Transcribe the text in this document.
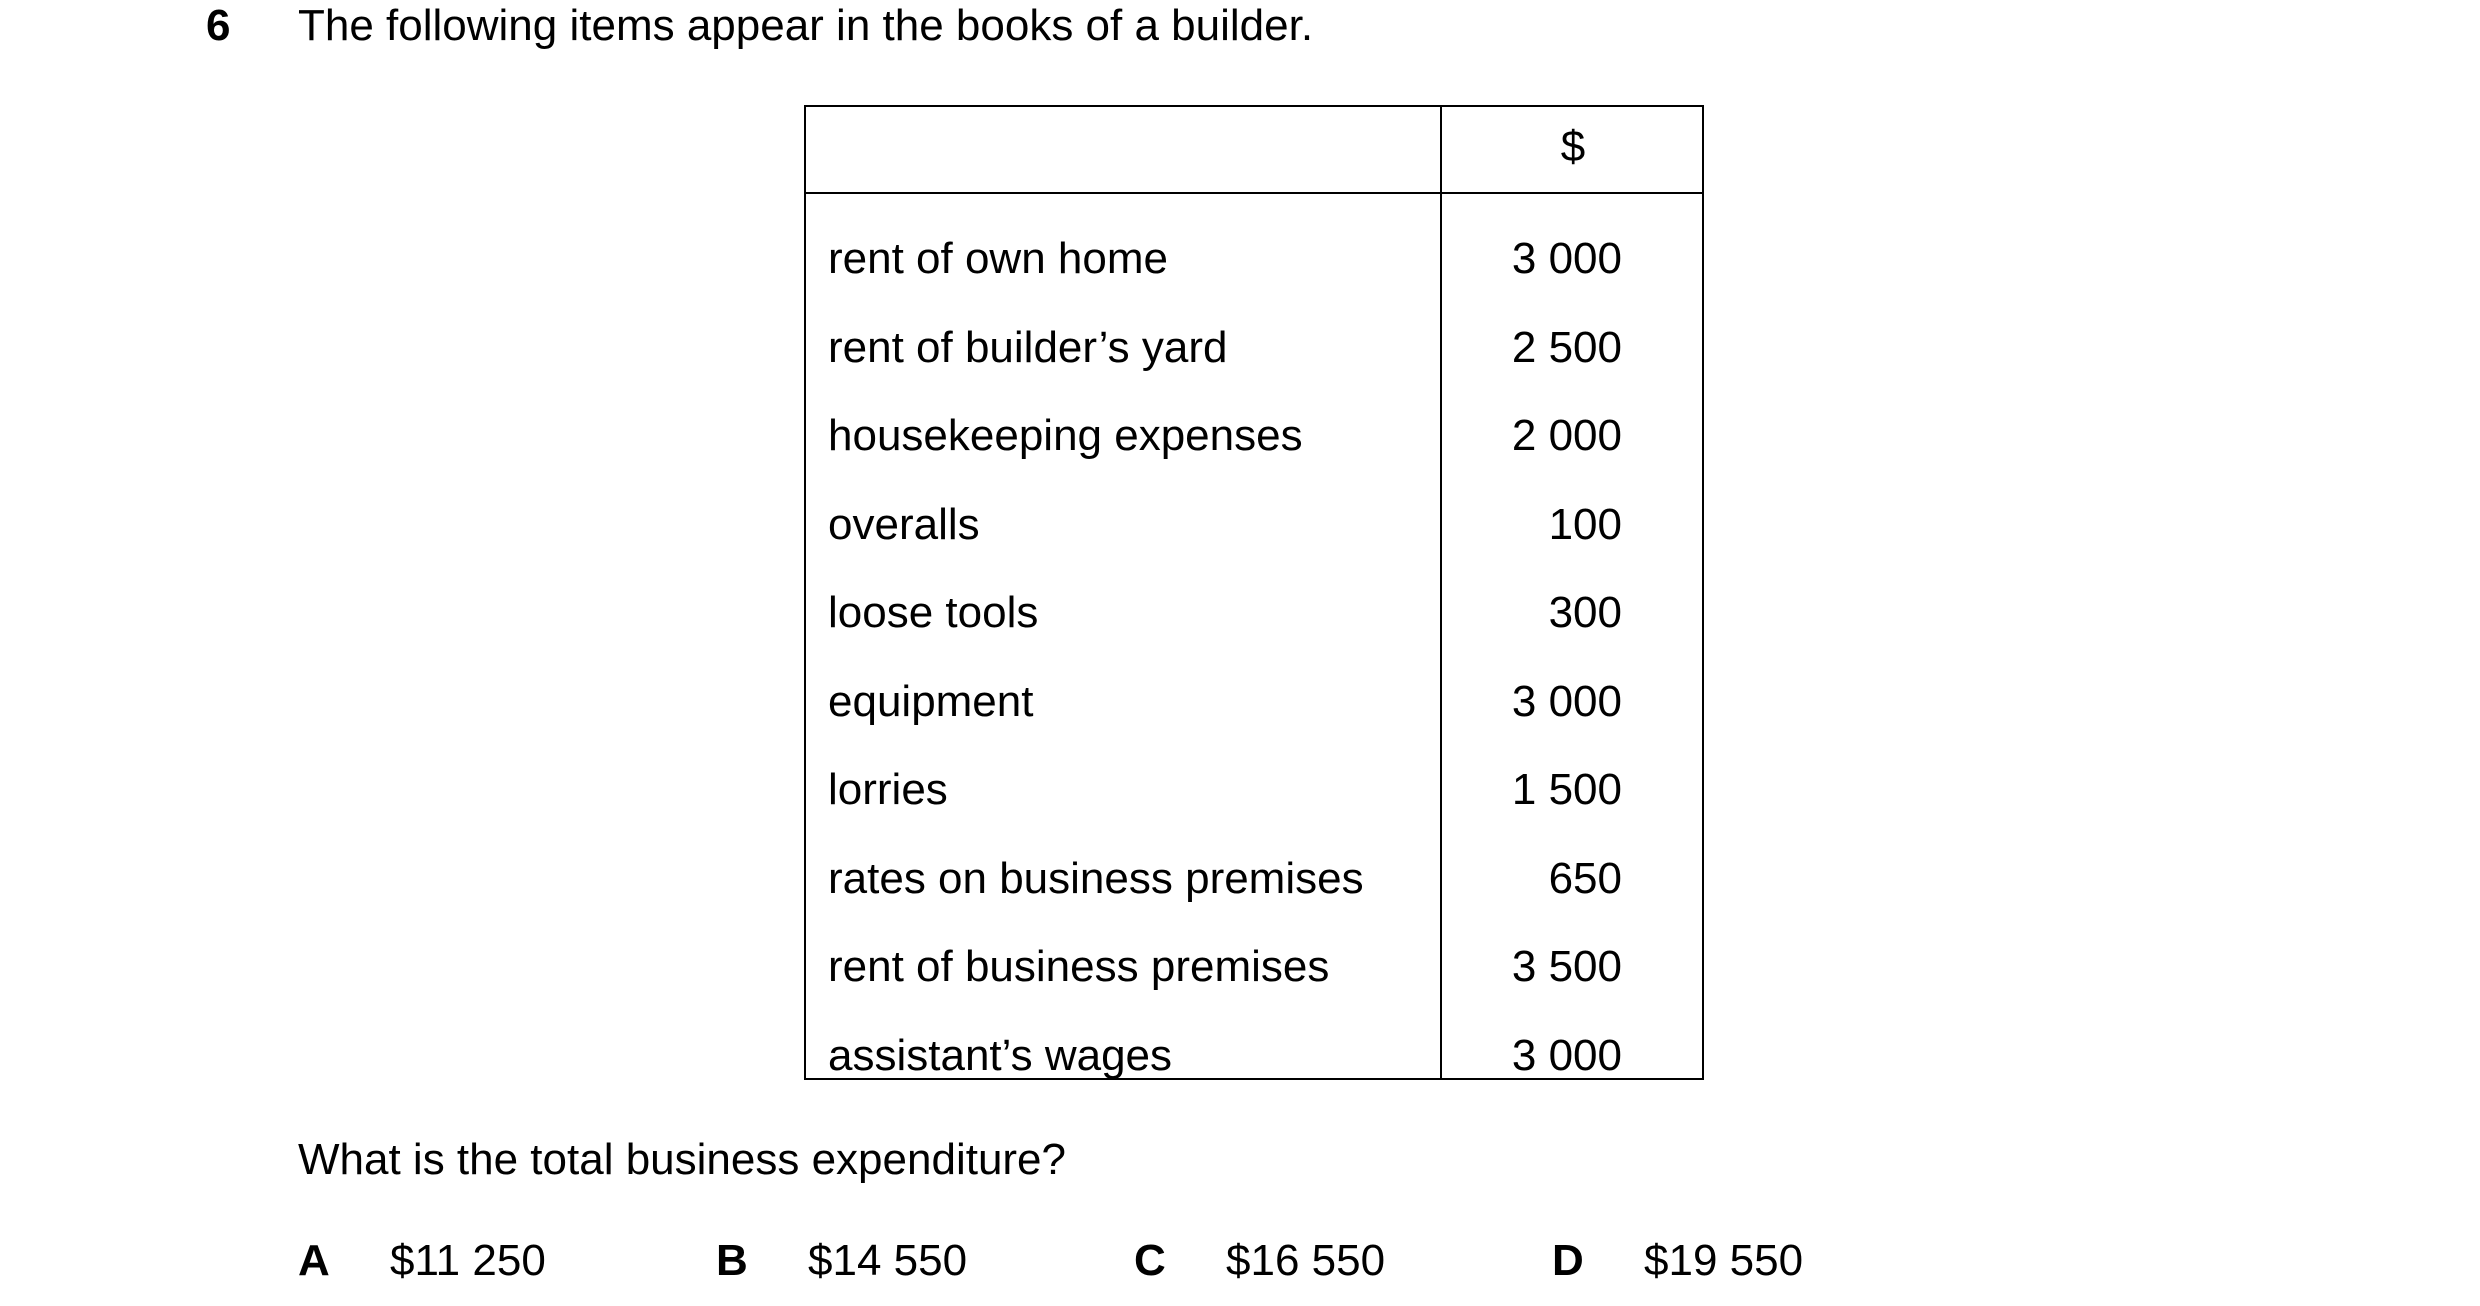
6 The following items appear in the books of a builder.
$
rent of own home	3 000
rent of builder’s yard	2 500
housekeeping expenses	2 000
overalls	100
loose tools	300
equipment	3 000
lorries	1 500
rates on business premises	650
rent of business premises	3 500
assistant’s wages	3 000
What is the total business expenditure?
A $11 250	B $14 550	C $16 550	D $19 550
